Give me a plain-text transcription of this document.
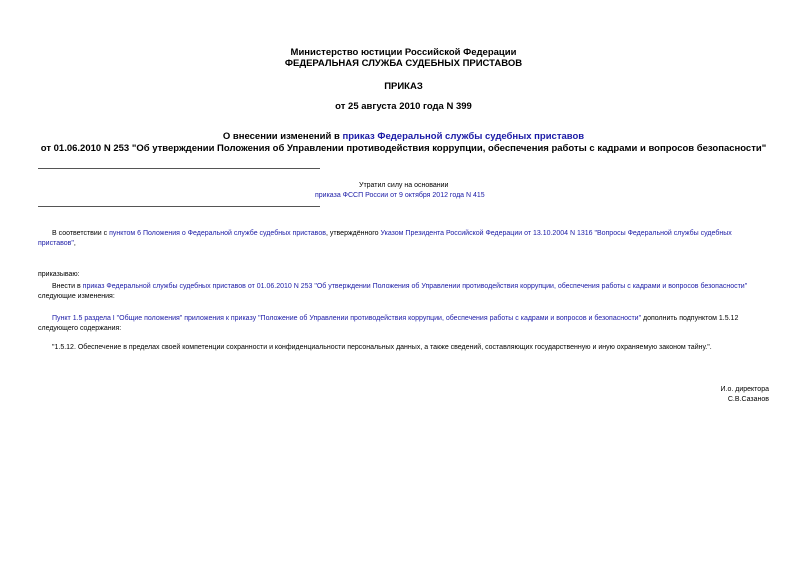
Министерство юстиции Российской Федерации
ФЕДЕРАЛЬНАЯ СЛУЖБА СУДЕБНЫХ ПРИСТАВОВ
ПРИКАЗ
от 25 августа 2010 года N 399
О внесении изменений в приказ Федеральной службы судебных приставов
от 01.06.2010 N 253 "Об утверждении Положения об Управлении противодействия коррупции, обеспечения работы с кадрами и вопросов безопасности"
Утратил силу на основании
приказа ФССП России от 9 октября 2012 года N 415
В соответствии с пунктом 6 Положения о Федеральной службе судебных приставов, утверждённого Указом Президента Российской Федерации от 13.10.2004 N 1316 "Вопросы Федеральной службы судебных приставов",
приказываю:
Внести в приказ Федеральной службы судебных приставов от 01.06.2010 N 253 "Об утверждении Положения об Управлении противодействия коррупции, обеспечения работы с кадрами и вопросов безопасности" следующие изменения:
Пункт 1.5 раздела I "Общие положения" приложения к приказу "Положение об Управлении противодействия коррупции, обеспечения работы с кадрами и вопросов и безопасности" дополнить подпунктом 1.5.12 следующего содержания:
"1.5.12. Обеспечение в пределах своей компетенции сохранности и конфиденциальности персональных данных, а также сведений, составляющих государственную и иную охраняемую законом тайну.".
И.о. директора
С.В.Сазанов
